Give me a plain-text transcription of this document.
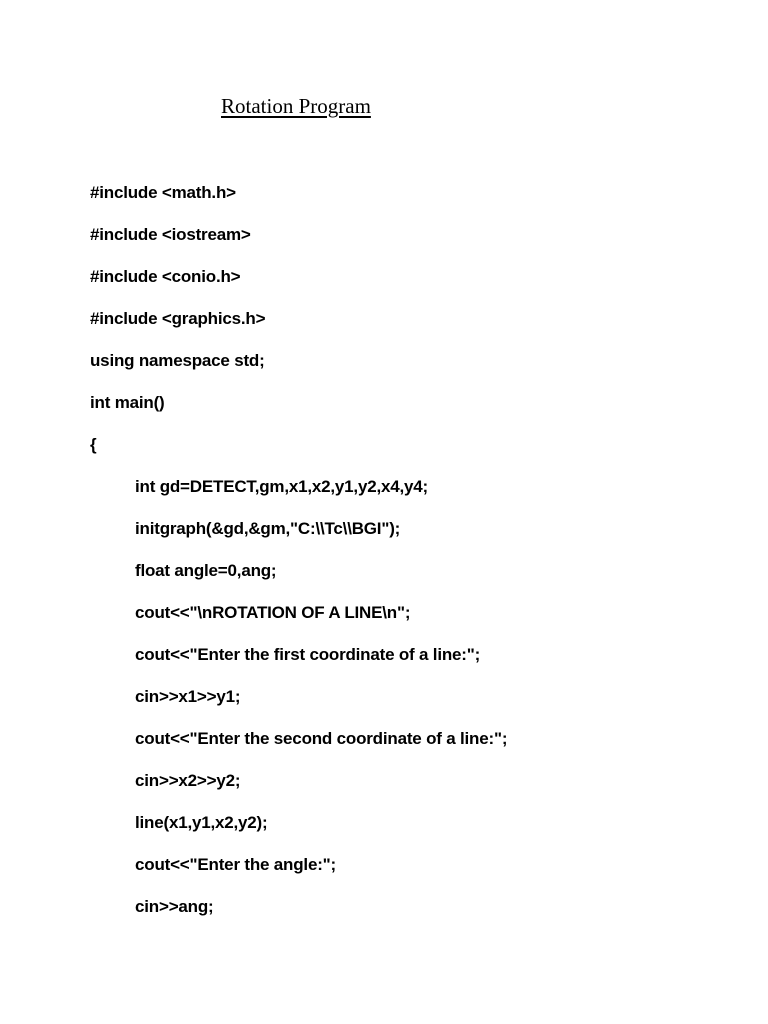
Rotation Program
#include <math.h>
#include <iostream>
#include <conio.h>
#include <graphics.h>
using namespace std;
int main()
{
int gd=DETECT,gm,x1,x2,y1,y2,x4,y4;
initgraph(&gd,&gm,"C:\\Tc\\BGI");
float angle=0,ang;
cout<<"\nROTATION OF A LINE\n";
cout<<"Enter the first coordinate of a line:";
cin>>x1>>y1;
cout<<"Enter the second coordinate of a line:";
cin>>x2>>y2;
line(x1,y1,x2,y2);
cout<<"Enter the angle:";
cin>>ang;
